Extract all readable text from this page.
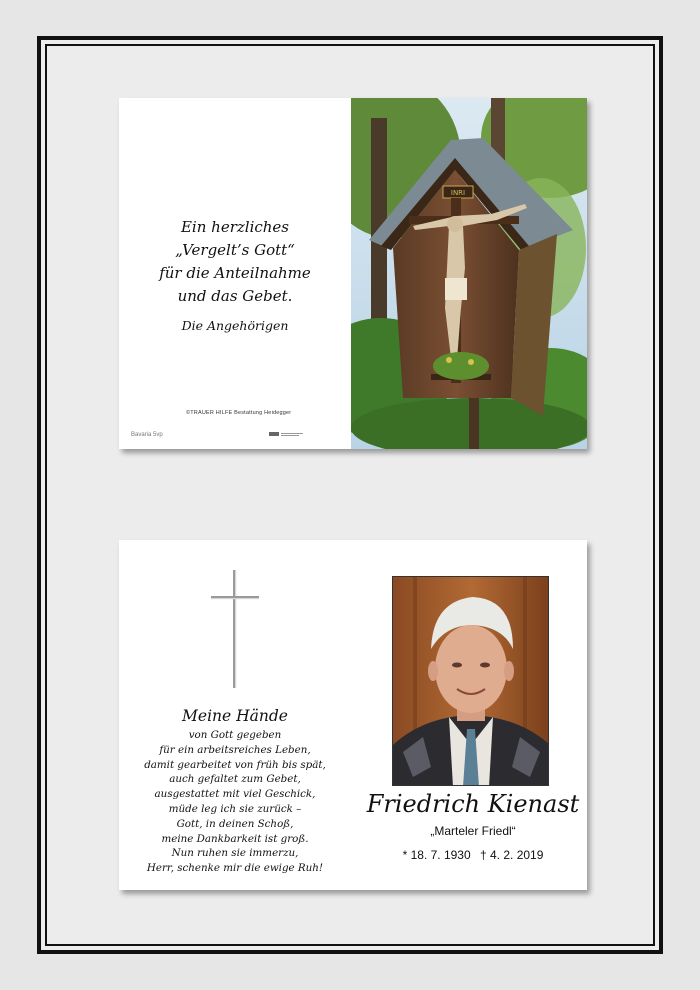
Ein herzliches
„Vergelt’s Gott“
für die Anteilnahme
und das Gebet.
Die Angehörigen
©TRAUER HILFE Bestattung Heidegger
Bavaria 5vp
INRI
Meine Hände
von Gott gegeben
für ein arbeitsreiches Leben,
damit gearbeitet von früh bis spät,
auch gefaltet zum Gebet,
ausgestattet mit viel Geschick,
müde leg ich sie zurück –
Gott, in deinen Schoß,
meine Dankbarkeit ist groß.
Nun ruhen sie immerzu,
Herr, schenke mir die ewige Ruh!
Friedrich Kienast
„Marteler Friedl“
* 18. 7. 1930 † 4. 2. 2019
